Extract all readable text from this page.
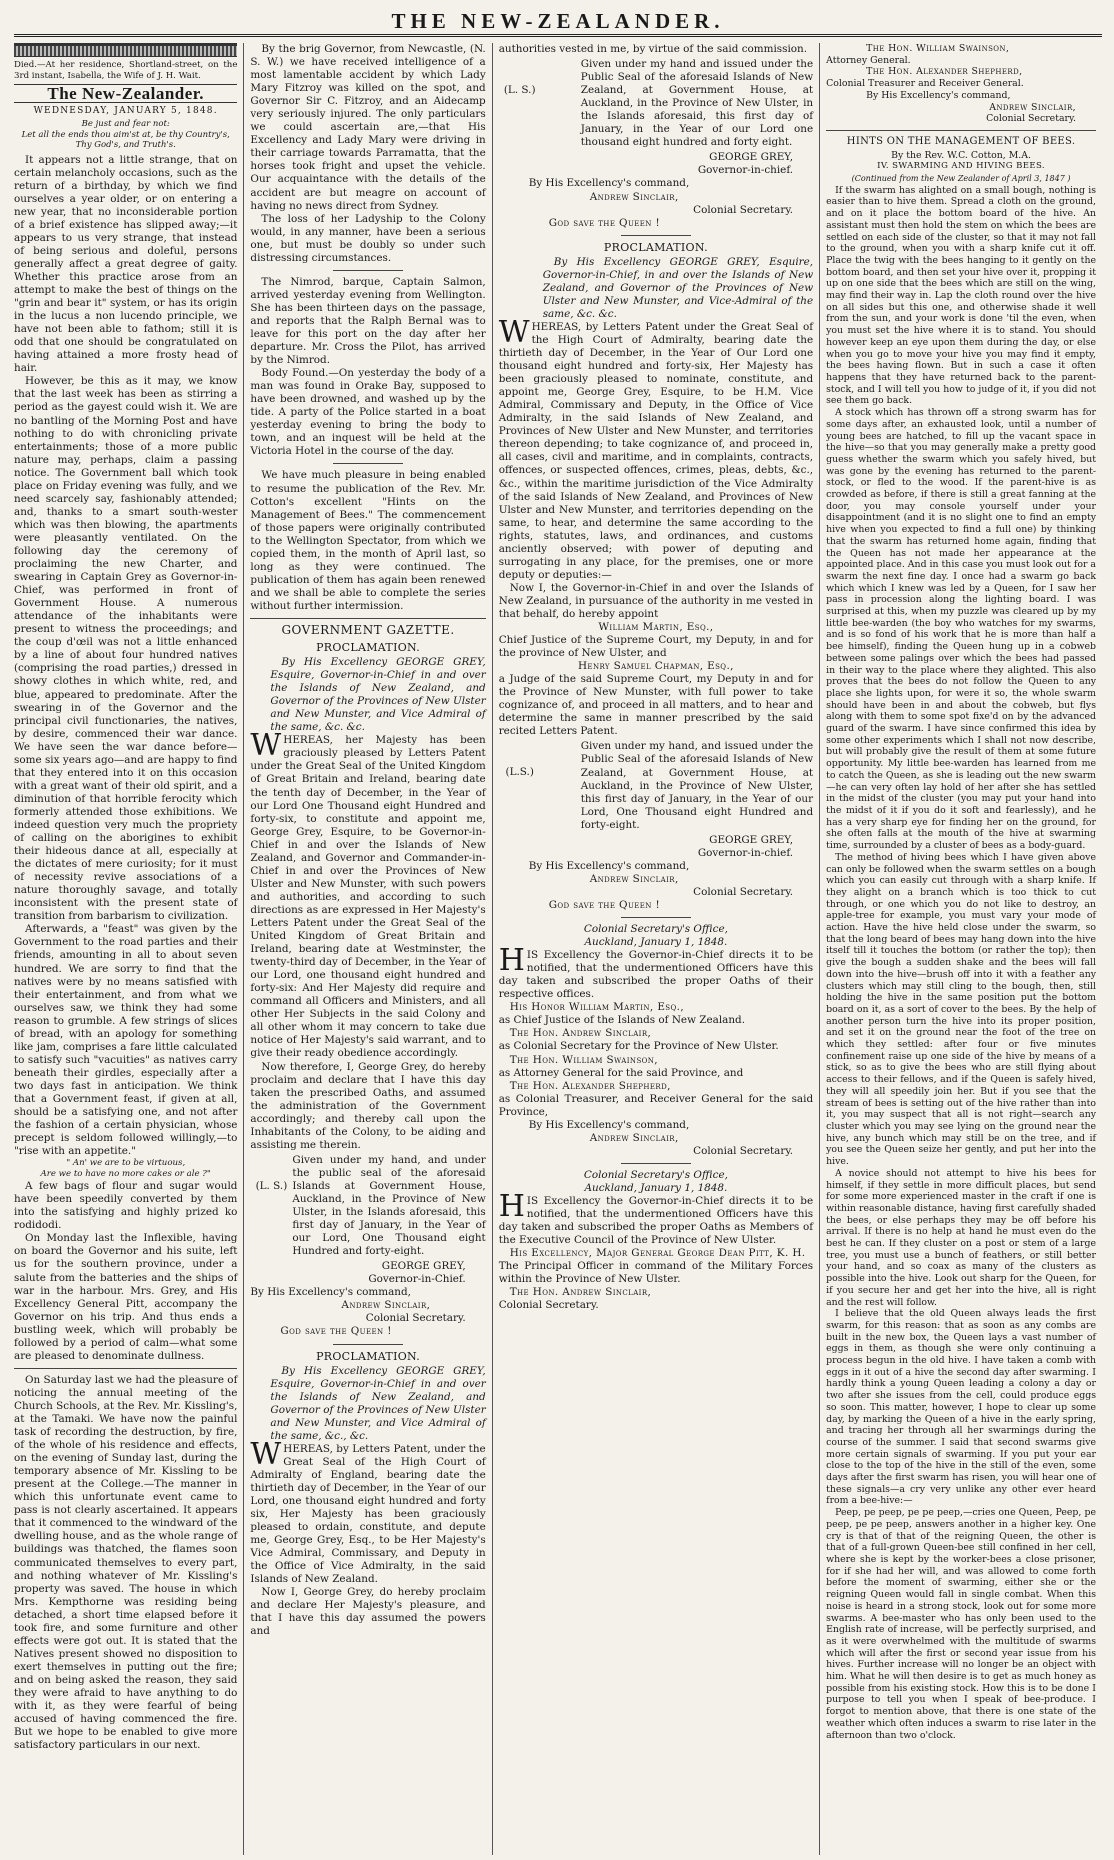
THE NEW-ZEALANDER.

Died.—At her residence, Shortland-street, on the 3rd instant, Isabella, the Wife of J. H. Wait.

The New-Zealander.
WEDNESDAY, JANUARY 5, 1848.
Be just and fear not:
Let all the ends thou aim'st at, be thy Country's,
Thy God's, and Truth's.

It appears not a little strange, that on certain melancholy occasions, such as the return of a birthday, by which we find ourselves a year older, or on entering a new year, that no inconsiderable portion of a brief existence has slipped away;—it appears to us very strange, that instead of being serious and doleful, persons generally affect a great degree of gaity. Whether this practice arose from an attempt to make the best of things on the "grin and bear it" system, or has its origin in the lucus a non lucendo principle, we have not been able to fathom; still it is odd that one should be congratulated on having attained a more frosty head of hair.

However, be this as it may, we know that the last week has been as stirring a period as the gayest could wish it. We are no bantling of the Morning Post and have nothing to do with chronicling private entertainments; those of a more public nature may, perhaps, claim a passing notice. The Government ball which took place on Friday evening was fully, and we need scarcely say, fashionably attended; and, thanks to a smart south-wester which was then blowing, the apartments were pleasantly ventilated. On the following day the ceremony of proclaiming the new Charter, and swearing in Captain Grey as Governor-in-Chief, was performed in front of Government House. A numerous attendance of the inhabitants were present to witness the proceedings; and the coup d'œil was not a little enhanced by a line of about four hundred natives (comprising the road parties,) dressed in showy clothes in which white, red, and blue, appeared to predominate. After the swearing in of the Governor and the principal civil functionaries, the natives, by desire, commenced their war dance. We have seen the war dance before—some six years ago—and are happy to find that they entered into it on this occasion with a great want of their old spirit, and a diminution of that horrible ferocity which formerly attended those exhibitions. We indeed question very much the propriety of calling on the aborigines to exhibit their hideous dance at all, especially at the dictates of mere curiosity; for it must of necessity revive associations of a nature thoroughly savage, and totally inconsistent with the present state of transition from barbarism to civilization.

Afterwards, a "feast" was given by the Government to the road parties and their friends, amounting in all to about seven hundred. We are sorry to find that the natives were by no means satisfied with their entertainment, and from what we ourselves saw, we think they had some reason to grumble. A few strings of slices of bread, with an apology for something like jam, comprises a fare little calculated to satisfy such "vacuities" as natives carry beneath their girdles, especially after a two days fast in anticipation. We think that a Government feast, if given at all, should be a satisfying one, and not after the fashion of a certain physician, whose precept is seldom followed willingly,—to "rise with an appetite."

" An' we are to be virtuous,
Are we to have no more cakes or ale ?"

A few bags of flour and sugar would have been speedily converted by them into the satisfying and highly prized ko rodidodi.

On Monday last the Inflexible, having on board the Governor and his suite, left us for the southern province, under a salute from the batteries and the ships of war in the harbour. Mrs. Grey, and His Excellency General Pitt, accompany the Governor on his trip. And thus ends a bustling week, which will probably be followed by a period of calm—what some are pleased to denominate dullness.

On Saturday last we had the pleasure of noticing the annual meeting of the Church Schools, at the Rev. Mr. Kissling's, at the Tamaki. We have now the painful task of recording the destruction, by fire, of the whole of his residence and effects, on the evening of Sunday last, during the temporary absence of Mr. Kissling to be present at the College.—The manner in which this unfortunate event came to pass is not clearly ascertained. It appears that it commenced to the windward of the dwelling house, and as the whole range of buildings was thatched, the flames soon communicated themselves to every part, and nothing whatever of Mr. Kissling's property was saved. The house in which Mrs. Kempthorne was residing being detached, a short time elapsed before it took fire, and some furniture and other effects were got out. It is stated that the Natives present showed no disposition to exert themselves in putting out the fire; and on being asked the reason, they said they were afraid to have anything to do with it, as they were fearful of being accused of having commenced the fire. But we hope to be enabled to give more satisfactory particulars in our next.

By the brig Governor, from Newcastle, (N. S. W.) we have received intelligence of a most lamentable accident by which Lady Mary Fitzroy was killed on the spot, and Governor Sir C. Fitzroy, and an Aidecamp very seriously injured. The only particulars we could ascertain are,—that His Excellency and Lady Mary were driving in their carriage towards Parramatta, that the horses took fright and upset the vehicle. Our acquaintance with the details of the accident are but meagre on account of having no news direct from Sydney.

The loss of her Ladyship to the Colony would, in any manner, have been a serious one, but must be doubly so under such distressing circumstances.

The Nimrod, barque, Captain Salmon, arrived yesterday evening from Wellington. She has been thirteen days on the passage, and reports that the Ralph Bernal was to leave for this port on the day after her departure. Mr. Cross the Pilot, has arrived by the Nimrod.

Body Found.—On yesterday the body of a man was found in Orake Bay, supposed to have been drowned, and washed up by the tide. A party of the Police started in a boat yesterday evening to bring the body to town, and an inquest will be held at the Victoria Hotel in the course of the day.

We have much pleasure in being enabled to resume the publication of the Rev. Mr. Cotton's excellent "Hints on the Management of Bees." The commencement of those papers were originally contributed to the Wellington Spectator, from which we copied them, in the month of April last, so long as they were continued. The publication of them has again been renewed and we shall be able to complete the series without further intermission.

GOVERNMENT GAZETTE.
PROCLAMATION.

By His Excellency GEORGE GREY, Esquire, Governor-in-Chief in and over the Islands of New Zealand, and Governor of the Provinces of New Ulster and New Munster, and Vice Admiral of the same, &c. &c.

WHEREAS, her Majesty has been graciously pleased by Letters Patent under the Great Seal of the United Kingdom of Great Britain and Ireland, bearing date the tenth day of December, in the Year of our Lord One Thousand eight Hundred and forty-six, to constitute and appoint me, George Grey, Esquire, to be Governor-in-Chief in and over the Islands of New Zealand, and Governor and Commander-in-Chief in and over the Provinces of New Ulster and New Munster, with such powers and authorities, and according to such directions as are expressed in Her Majesty's Letters Patent under the Great Seal of the United Kingdom of Great Britain and Ireland, bearing date at Westminster, the twenty-third day of December, in the Year of our Lord, one thousand eight hundred and forty-six: And Her Majesty did require and command all Officers and Ministers, and all other Her Subjects in the said Colony and all other whom it may concern to take due notice of Her Majesty's said warrant, and to give their ready obedience accordingly.

Now therefore, I, George Grey, do hereby proclaim and declare that I have this day taken the prescribed Oaths, and assumed the administration of the Government accordingly; and thereby call upon the Inhabitants of the Colony, to be aiding and assisting me therein.

(L. S.)
Given under my hand, and under the public seal of the aforesaid Islands at Government House, Auckland, in the Province of New Ulster, in the Islands aforesaid, this first day of January, in the Year of our Lord, One Thousand eight Hundred and forty-eight.

GEORGE GREY,

Governor-in-Chief.

By His Excellency's command,

Andrew Sinclair,

Colonial Secretary.

God save the Queen !

PROCLAMATION.

By His Excellency GEORGE GREY, Esquire, Governor-in-Chief in and over the Islands of New Zealand, and Governor of the Provinces of New Ulster and New Munster, and Vice Admiral of the same, &c., &c.

WHEREAS, by Letters Patent, under the Great Seal of the High Court of Admiralty of England, bearing date the thirtieth day of December, in the Year of our Lord, one thousand eight hundred and forty six, Her Majesty has been graciously pleased to ordain, constitute, and depute me, George Grey, Esq., to be Her Majesty's Vice Admiral, Commissary, and Deputy in the Office of Vice Admiralty, in the said Islands of New Zealand.

Now I, George Grey, do hereby proclaim and declare Her Majesty's pleasure, and that I have this day assumed the powers and

authorities vested in me, by virtue of the said commission.

(L. S.)
Given under my hand and issued under the Public Seal of the aforesaid Islands of New Zealand, at Government House, at Auckland, in the Province of New Ulster, in the Islands aforesaid, this first day of January, in the Year of our Lord one thousand eight hundred and forty eight.

GEORGE GREY,

Governor-in-chief.

By His Excellency's command,

Andrew Sinclair,

Colonial Secretary.

God save the Queen !

PROCLAMATION.

By His Excellency GEORGE GREY, Esquire, Governor-in-Chief, in and over the Islands of New Zealand, and Governor of the Provinces of New Ulster and New Munster, and Vice-Admiral of the same, &c. &c.

WHEREAS, by Letters Patent under the Great Seal of the High Court of Admiralty, bearing date the thirtieth day of December, in the Year of Our Lord one thousand eight hundred and forty-six, Her Majesty has been graciously pleased to nominate, constitute, and appoint me, George Grey, Esquire, to be H.M. Vice Admiral, Commissary and Deputy, in the Office of Vice Admiralty, in the said Islands of New Zealand, and Provinces of New Ulster and New Munster, and territories thereon depending; to take cognizance of, and proceed in, all cases, civil and maritime, and in complaints, contracts, offences, or suspected offences, crimes, pleas, debts, &c., &c., within the maritime jurisdiction of the Vice Admiralty of the said Islands of New Zealand, and Provinces of New Ulster and New Munster, and territories depending on the same, to hear, and determine the same according to the rights, statutes, laws, and ordinances, and customs anciently observed; with power of deputing and surrogating in any place, for the premises, one or more deputy or deputies:—

Now I, the Governor-in-Chief in and over the Islands of New Zealand, in pursuance of the authority in me vested in that behalf, do hereby appoint

William Martin, Esq.,

Chief Justice of the Supreme Court, my Deputy, in and for the province of New Ulster, and

Henry Samuel Chapman, Esq.,

a Judge of the said Supreme Court, my Deputy in and for the Province of New Munster, with full power to take cognizance of, and proceed in all matters, and to hear and determine the same in manner prescribed by the said recited Letters Patent.

(L.S.)
Given under my hand, and issued under the Public Seal of the aforesaid Islands of New Zealand, at Government House, at Auckland, in the Province of New Ulster, this first day of January, in the Year of our Lord, One Thousand eight Hundred and forty-eight.

GEORGE GREY,

Governor-in-chief.

By His Excellency's command,

Andrew Sinclair,

Colonial Secretary.

God save the Queen !

Colonial Secretary's Office,

Auckland, January 1, 1848.

HIS Excellency the Governor-in-Chief directs it to be notified, that the undermentioned Officers have this day taken and subscribed the proper Oaths of their respective offices.

His Honor William Martin, Esq.,

as Chief Justice of the Islands of New Zealand.

The Hon. Andrew Sinclair,

as Colonial Secretary for the Province of New Ulster.

The Hon. William Swainson,

as Attorney General for the said Province, and

The Hon. Alexander Shepherd,

as Colonial Treasurer, and Receiver General for the said Province,

By His Excellency's command,

Andrew Sinclair,

Colonial Secretary.

Colonial Secretary's Office,

Auckland, January 1, 1848.

HIS Excellency the Governor-in-Chief directs it to be notified, that the undermentioned Officers have this day taken and subscribed the proper Oaths as Members of the Executive Council of the Province of New Ulster.

His Excellency, Major General George Dean Pitt, K. H.

The Principal Officer in command of the Military Forces within the Province of New Ulster.

The Hon. Andrew Sinclair,

Colonial Secretary.

The Hon. William Swainson,

Attorney General.

The Hon. Alexander Shepherd,

Colonial Treasurer and Receiver General.

By His Excellency's command,

Andrew Sinclair,

Colonial Secretary.

HINTS ON THE MANAGEMENT OF BEES.

By the Rev. W.C. Cotton, M.A.

IV. SWARMING AND HIVING BEES.

(Continued from the New Zealander of April 3, 1847 )

If the swarm has alighted on a small bough, nothing is easier than to hive them. Spread a cloth on the ground, and on it place the bottom board of the hive. An assistant must then hold the stem on which the bees are settled on each side of the cluster, so that it may not fall to the ground, when you with a sharp knife cut it off. Place the twig with the bees hanging to it gently on the bottom board, and then set your hive over it, propping it up on one side that the bees which are still on the wing, may find their way in. Lap the cloth round over the hive on all sides but this one, and otherwise shade it well from the sun, and your work is done 'til the even, when you must set the hive where it is to stand. You should however keep an eye upon them during the day, or else when you go to move your hive you may find it empty, the bees having flown. But in such a case it often happens that they have returned back to the parent-stock, and I will tell you how to judge of it, if you did not see them go back.

A stock which has thrown off a strong swarm has for some days after, an exhausted look, until a number of young bees are hatched, to fill up the vacant space in the hive—so that you may generally make a pretty good guess whether the swarm which you safely hived, but was gone by the evening has returned to the parent-stock, or fled to the wood. If the parent-hive is as crowded as before, if there is still a great fanning at the door, you may console yourself under your disappointment (and it is no slight one to find an empty hive when you expected to find a full one) by thinking that the swarm has returned home again, finding that the Queen has not made her appearance at the appointed place. And in this case you must look out for a swarm the next fine day. I once had a swarm go back which which I knew was led by a Queen, for I saw her pass in procession along the lighting board. I was surprised at this, when my puzzle was cleared up by my little bee-warden (the boy who watches for my swarms, and is so fond of his work that he is more than half a bee himself), finding the Queen hung up in a cobweb between some palings over which the bees had passed in their way to the place where they alighted. This also proves that the bees do not follow the Queen to any place she lights upon, for were it so, the whole swarm should have been in and about the cobweb, but flys along with them to some spot fixe'd on by the advanced guard of the swarm. I have since confirmed this idea by some other experiments which I shall not now describe, but will probably give the result of them at some future opportunity. My little bee-warden has learned from me to catch the Queen, as she is leading out the new swarm—he can very often lay hold of her after she has settled in the midst of the cluster (you may put your hand into the midst of it if you do it soft and fearlessly), and he has a very sharp eye for finding her on the ground, for she often falls at the mouth of the hive at swarming time, surrounded by a cluster of bees as a body-guard.

The method of hiving bees which I have given above can only be followed when the swarm settles on a bough which you can easily cut through with a sharp knife. If they alight on a branch which is too thick to cut through, or one which you do not like to destroy, an apple-tree for example, you must vary your mode of action. Have the hive held close under the swarm, so that the long beard of bees may hang down into the hive itself till it touches the bottom (or rather the top); then give the bough a sudden shake and the bees will fall down into the hive—brush off into it with a feather any clusters which may still cling to the bough, then, still holding the hive in the same position put the bottom board on it, as a sort of cover to the bees. By the help of another person turn the hive into its proper position, and set it on the ground near the foot of the tree on which they settled: after four or five minutes confinement raise up one side of the hive by means of a stick, so as to give the bees who are still flying about access to their fellows, and if the Queen is safely hived, they will all speedily join her. But if you see that the stream of bees is setting out of the hive rather than into it, you may suspect that all is not right—search any cluster which you may see lying on the ground near the hive, any bunch which may still be on the tree, and if you see the Queen seize her gently, and put her into the hive.

A novice should not attempt to hive his bees for himself, if they settle in more difficult places, but send for some more experienced master in the craft if one is within reasonable distance, having first carefully shaded the bees, or else perhaps they may be off before his arrival. If there is no help at hand he must even do the best he can. If they cluster on a post or stem of a large tree, you must use a bunch of feathers, or still better your hand, and so coax as many of the clusters as possible into the hive. Look out sharp for the Queen, for if you secure her and get her into the hive, all is right and the rest will follow.

I believe that the old Queen always leads the first swarm, for this reason: that as soon as any combs are built in the new box, the Queen lays a vast number of eggs in them, as though she were only continuing a process begun in the old hive. I have taken a comb with eggs in it out of a hive the second day after swarming. I hardly think a young Queen leading a colony a day or two after she issues from the cell, could produce eggs so soon. This matter, however, I hope to clear up some day, by marking the Queen of a hive in the early spring, and tracing her through all her swarmings during the course of the summer. I said that second swarms give more certain signals of swarming. If you put your ear close to the top of the hive in the still of the even, some days after the first swarm has risen, you will hear one of these signals—a cry very unlike any other ever heard from a bee-hive:—

Peep, pe peep, pe pe peep,—cries one Queen, Peep, pe peep, pe pe peep, answers another in a higher key. One cry is that of that of the reigning Queen, the other is that of a full-grown Queen-bee still confined in her cell, where she is kept by the worker-bees a close prisoner, for if she had her will, and was allowed to come forth before the moment of swarming, either she or the reigning Queen would fall in single combat. When this noise is heard in a strong stock, look out for some more swarms. A bee-master who has only been used to the English rate of increase, will be perfectly surprised, and as it were overwhelmed with the multitude of swarms which will after the first or second year issue from his hives. Further increase will no longer be an object with him. What he will then desire is to get as much honey as possible from his existing stock. How this is to be done I purpose to tell you when I speak of bee-produce. I forgot to mention above, that there is one state of the weather which often induces a swarm to rise later in the afternoon than two o'clock.
